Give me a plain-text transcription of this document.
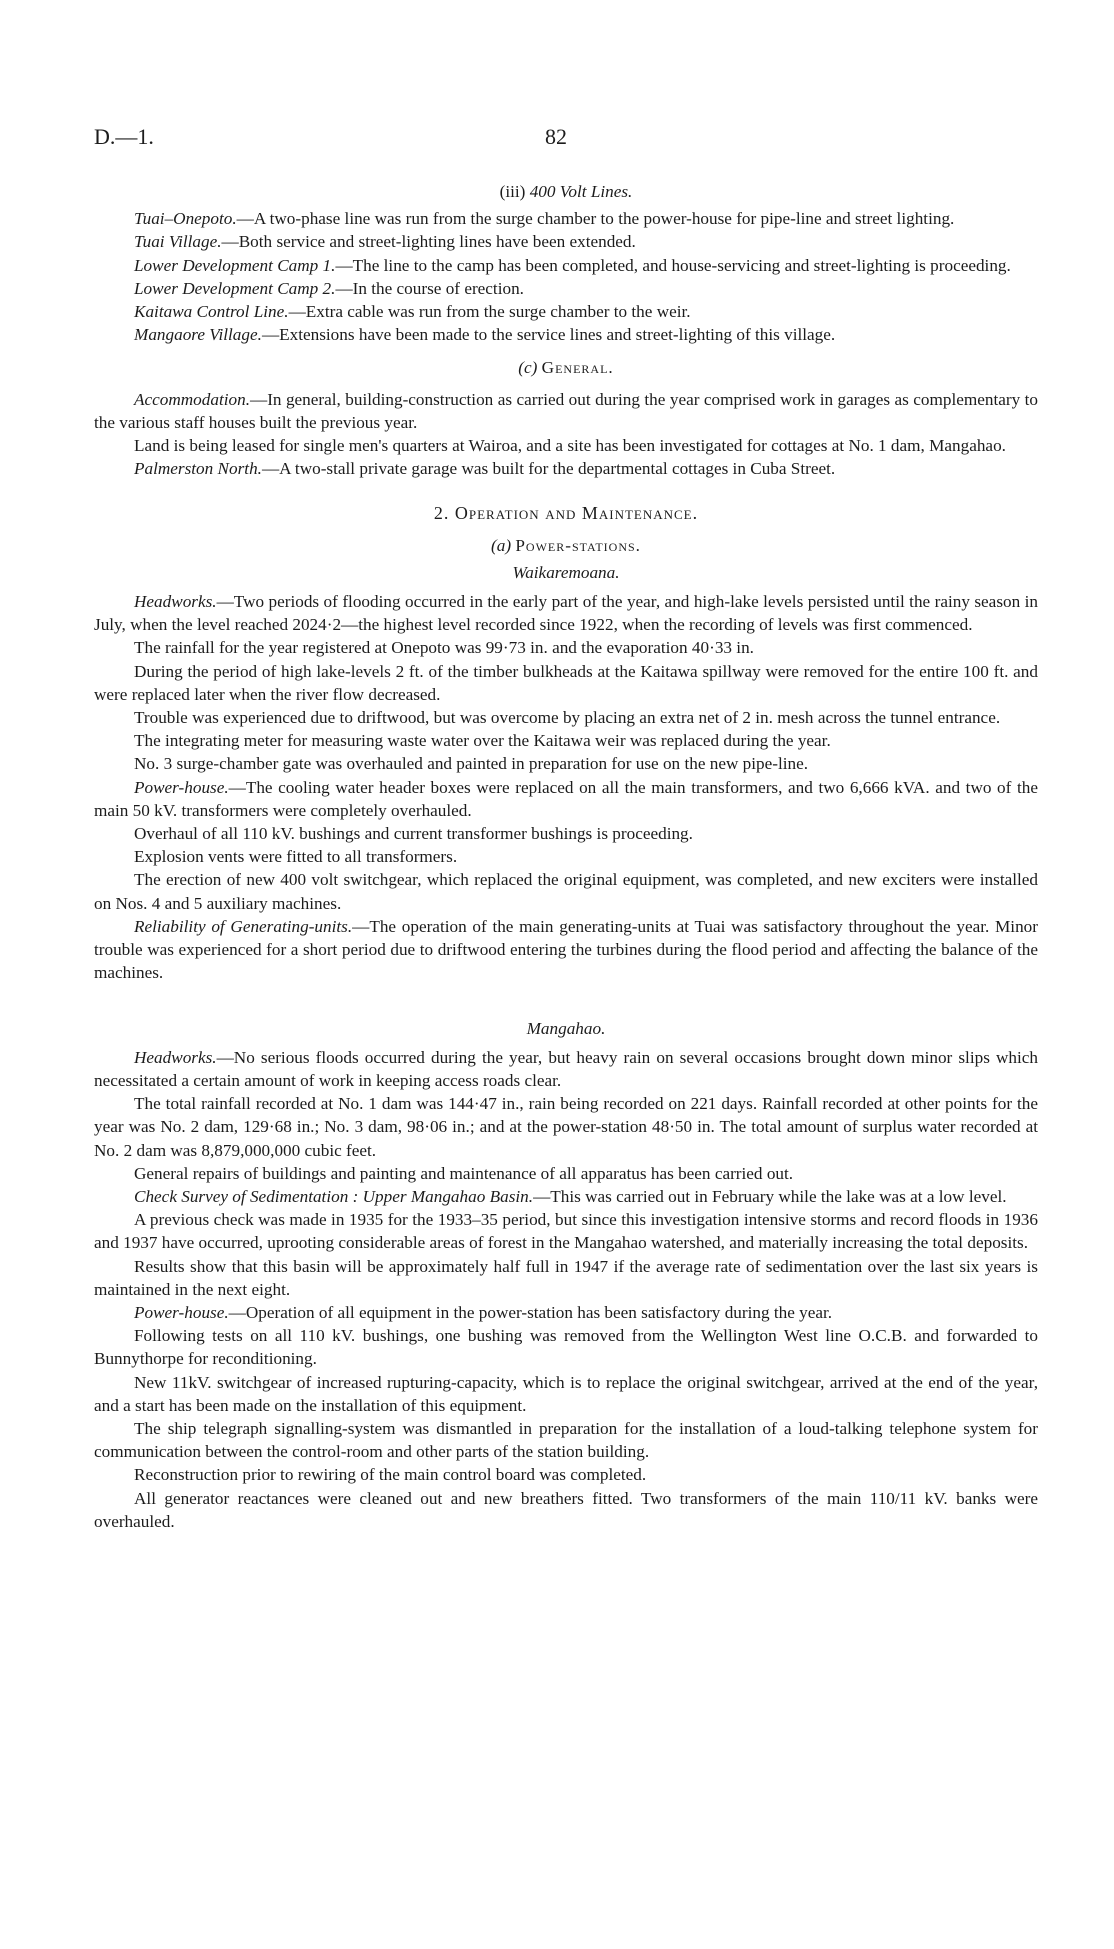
D.—1.	82

(iii) 400 Volt Lines.

Tuai–Onepoto.—A two-phase line was run from the surge chamber to the power-house for pipe-line and street lighting.

Tuai Village.—Both service and street-lighting lines have been extended.

Lower Development Camp 1.—The line to the camp has been completed, and house-servicing and street-lighting is proceeding.

Lower Development Camp 2.—In the course of erection.

Kaitawa Control Line.—Extra cable was run from the surge chamber to the weir.

Mangaore Village.—Extensions have been made to the service lines and street-lighting of this village.

(c) General.

Accommodation.—In general, building-construction as carried out during the year comprised work in garages as complementary to the various staff houses built the previous year.

Land is being leased for single men's quarters at Wairoa, and a site has been investigated for cottages at No. 1 dam, Mangahao.

Palmerston North.—A two-stall private garage was built for the departmental cottages in Cuba Street.

2. Operation and Maintenance.

(a) Power-stations.

Waikaremoana.

Headworks.—Two periods of flooding occurred in the early part of the year, and high-lake levels persisted until the rainy season in July, when the level reached 2024·2—the highest level recorded since 1922, when the recording of levels was first commenced.

The rainfall for the year registered at Onepoto was 99·73 in. and the evaporation 40·33 in.

During the period of high lake-levels 2 ft. of the timber bulkheads at the Kaitawa spillway were removed for the entire 100 ft. and were replaced later when the river flow decreased.

Trouble was experienced due to driftwood, but was overcome by placing an extra net of 2 in. mesh across the tunnel entrance.

The integrating meter for measuring waste water over the Kaitawa weir was replaced during the year.

No. 3 surge-chamber gate was overhauled and painted in preparation for use on the new pipe-line.

Power-house.—The cooling water header boxes were replaced on all the main transformers, and two 6,666 kVA. and two of the main 50 kV. transformers were completely overhauled.

Overhaul of all 110 kV. bushings and current transformer bushings is proceeding.

Explosion vents were fitted to all transformers.

The erection of new 400 volt switchgear, which replaced the original equipment, was completed, and new exciters were installed on Nos. 4 and 5 auxiliary machines.

Reliability of Generating-units.—The operation of the main generating-units at Tuai was satisfactory throughout the year. Minor trouble was experienced for a short period due to driftwood entering the turbines during the flood period and affecting the balance of the machines.

Mangahao.

Headworks.—No serious floods occurred during the year, but heavy rain on several occasions brought down minor slips which necessitated a certain amount of work in keeping access roads clear.

The total rainfall recorded at No. 1 dam was 144·47 in., rain being recorded on 221 days. Rainfall recorded at other points for the year was No. 2 dam, 129·68 in.; No. 3 dam, 98·06 in.; and at the power-station 48·50 in. The total amount of surplus water recorded at No. 2 dam was 8,879,000,000 cubic feet.

General repairs of buildings and painting and maintenance of all apparatus has been carried out.

Check Survey of Sedimentation : Upper Mangahao Basin.—This was carried out in February while the lake was at a low level.

A previous check was made in 1935 for the 1933–35 period, but since this investigation intensive storms and record floods in 1936 and 1937 have occurred, uprooting considerable areas of forest in the Mangahao watershed, and materially increasing the total deposits.

Results show that this basin will be approximately half full in 1947 if the average rate of sedimentation over the last six years is maintained in the next eight.

Power-house.—Operation of all equipment in the power-station has been satisfactory during the year.

Following tests on all 110 kV. bushings, one bushing was removed from the Wellington West line O.C.B. and forwarded to Bunnythorpe for reconditioning.

New 11kV. switchgear of increased rupturing-capacity, which is to replace the original switchgear, arrived at the end of the year, and a start has been made on the installation of this equipment.

The ship telegraph signalling-system was dismantled in preparation for the installation of a loud-talking telephone system for communication between the control-room and other parts of the station building.

Reconstruction prior to rewiring of the main control board was completed.

All generator reactances were cleaned out and new breathers fitted. Two transformers of the main 110/11 kV. banks were overhauled.
